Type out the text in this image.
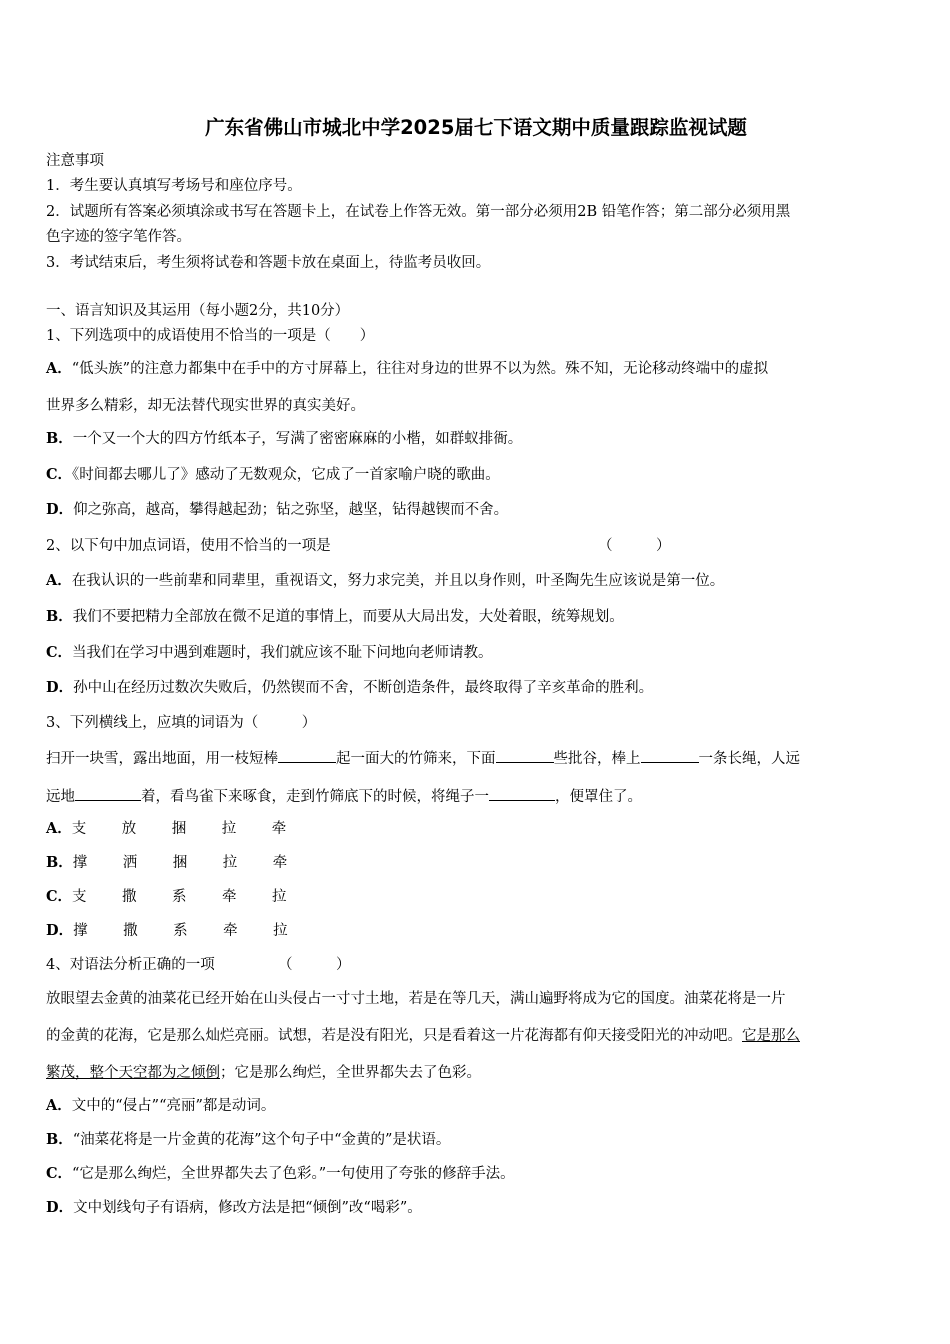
广东省佛山市城北中学2025届七下语文期中质量跟踪监视试题
注意事项
1．考生要认真填写考场号和座位序号。
2．试题所有答案必须填涂或书写在答题卡上，在试卷上作答无效。第一部分必须用2B 铅笔作答；第二部分必须用黑
色字迹的签字笔作答。
3．考试结束后，考生须将试卷和答题卡放在桌面上，待监考员收回。
一、语言知识及其运用（每小题2分，共10分）
1、下列选项中的成语使用不恰当的一项是（　　）
A．“低头族”的注意力都集中在手中的方寸屏幕上，往往对身边的世界不以为然。殊不知，无论移动终端中的虚拟
世界多么精彩，却无法替代现实世界的真实美好。
B．一个又一个大的四方竹纸本子，写满了密密麻麻的小楷，如群蚁排衙。
C．《时间都去哪儿了》感动了无数观众，它成了一首家喻户晓的歌曲。
D．仰之弥高，越高，攀得越起劲；钻之弥坚，越坚，钻得越锲而不舍。
2、以下句中加点词语，使用不恰当的一项是	（　　　）
A．在我认识的一些前辈和同辈里，重视语文，努力求完美，并且以身作则，叶圣陶先生应该说是第一位。
B．我们不要把精力全部放在微不足道的事情上，而要从大局出发，大处着眼，统筹规划。
C．当我们在学习中遇到难题时，我们就应该不耻下问地向老师请教。
D．孙中山在经历过数次失败后，仍然锲而不舍，不断创造条件，最终取得了辛亥革命的胜利。
3、下列横线上，应填的词语为（　　　）
扫开一块雪，露出地面，用一枝短棒	起一面大的竹筛来，下面	些批谷，棒上	一条长绳，人远
远地	着，看鸟雀下来啄食，走到竹筛底下的时候，将绳子一	，便罩住了。
A．支 放 捆 拉 牵
B．撑 洒 捆 拉 牵
C．支 撒 系 牵 拉
D．撑 撒 系 牵 拉
4、对语法分析正确的一项	（　　　）
放眼望去金黄的油菜花已经开始在山头侵占一寸寸土地，若是在等几天，满山遍野将成为它的国度。油菜花将是一片
的金黄的花海，它是那么灿烂亮丽。试想，若是没有阳光，只是看着这一片花海都有仰天接受阳光的冲动吧。它是那么
繁茂，整个天空都为之倾倒；它是那么绚烂，全世界都失去了色彩。
A．文中的“侵占”“亮丽”都是动词。
B．“油菜花将是一片金黄的花海”这个句子中“金黄的”是状语。
C．“它是那么绚烂，全世界都失去了色彩。”一句使用了夸张的修辞手法。
D．文中划线句子有语病，修改方法是把“倾倒”改“喝彩”。
